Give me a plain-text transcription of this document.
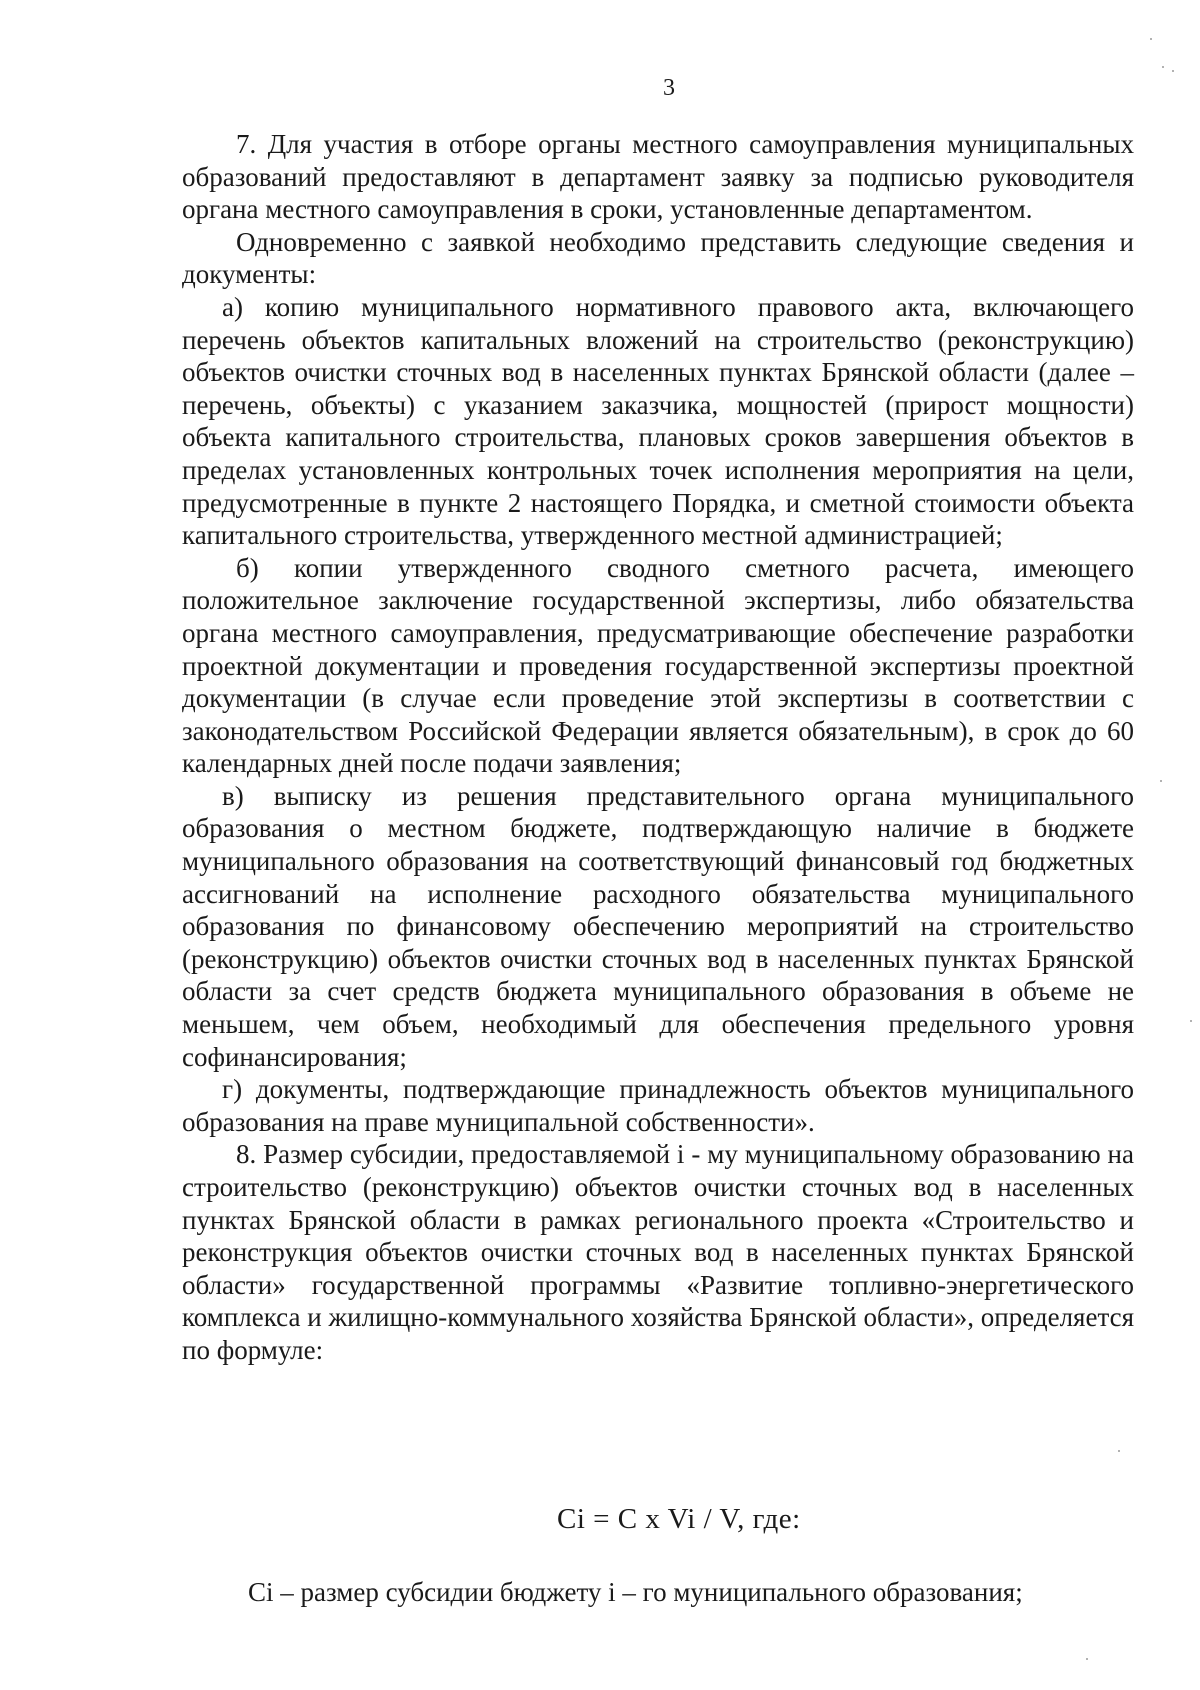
3

7. Для участия в отборе органы местного самоуправления муниципальных образований предоставляют в департамент заявку за подписью руководителя органа местного самоуправления в сроки, установленные департаментом.

Одновременно с заявкой необходимо представить следующие сведения и документы:

а) копию муниципального нормативного правового акта, включающего перечень объектов капитальных вложений на строительство (реконструкцию) объектов очистки сточных вод в населенных пунктах Брянской области (далее – перечень, объекты) с указанием заказчика, мощностей (прирост мощности) объекта капитального строительства, плановых сроков завершения объектов в пределах установленных контрольных точек исполнения мероприятия на цели, предусмотренные в пункте 2 настоящего Порядка, и сметной стоимости объекта капитального строительства, утвержденного местной администрацией;

б) копии утвержденного сводного сметного расчета, имеющего положительное заключение государственной экспертизы, либо обязательства органа местного самоуправления, предусматривающие обеспечение разработки проектной документации и проведения государственной экспертизы проектной документации (в случае если проведение этой экспертизы в соответствии с законодательством Российской Федерации является обязательным), в срок до 60 календарных дней после подачи заявления;

в) выписку из решения представительного органа муниципального образования о местном бюджете, подтверждающую наличие в бюджете муниципального образования на соответствующий финансовый год бюджетных ассигнований на исполнение расходного обязательства муниципального образования по финансовому обеспечению мероприятий на строительство (реконструкцию) объектов очистки сточных вод в населенных пунктах Брянской области за счет средств бюджета муниципального образования в объеме не меньшем, чем объем, необходимый для обеспечения предельного уровня софинансирования;

г) документы, подтверждающие принадлежность объектов муниципального образования на праве муниципальной собственности».

8. Размер субсидии, предоставляемой i - му муниципальному образованию на строительство (реконструкцию) объектов очистки сточных вод в населенных пунктах Брянской области в рамках регионального проекта «Строительство и реконструкция объектов очистки сточных вод в населенных пунктах Брянской области» государственной программы «Развитие топливно-энергетического комплекса и жилищно-коммунального хозяйства Брянской области», определяется по формуле:

Ci = C x Vi / V, где:
Ci – размер субсидии бюджету i – го муниципального образования;
